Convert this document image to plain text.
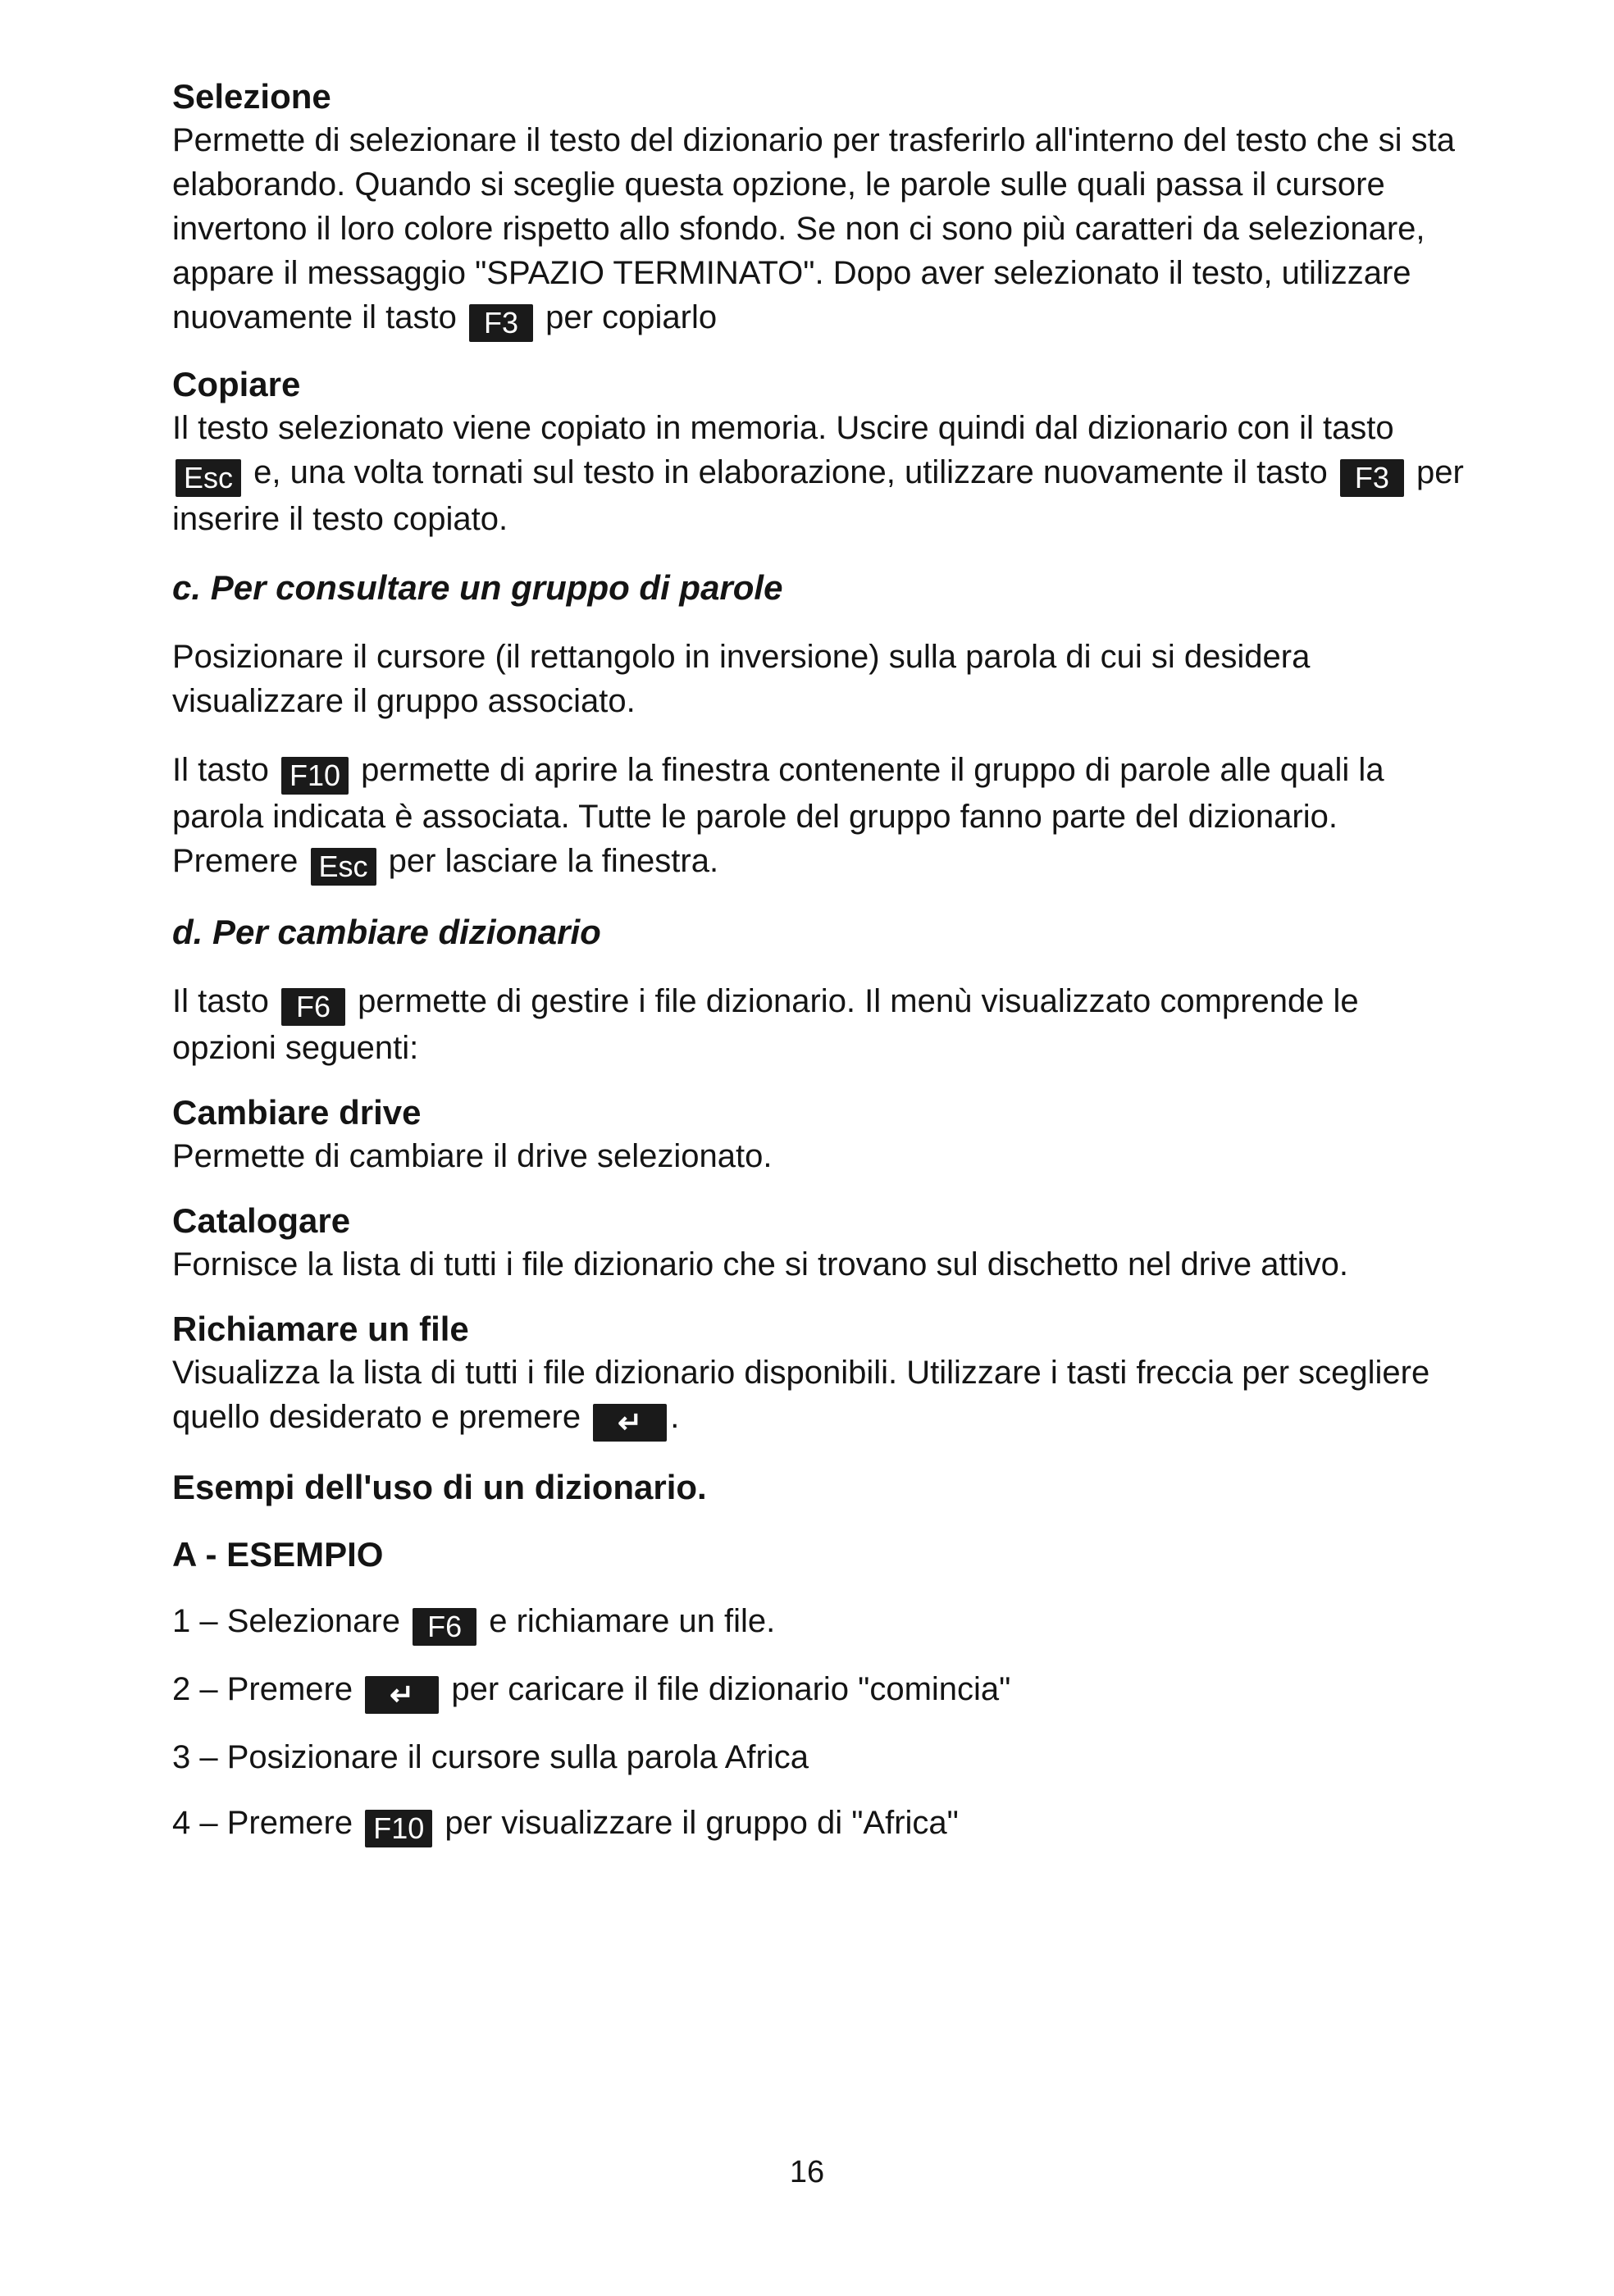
Selezione

Permette di selezionare il testo del dizionario per trasferirlo all'interno del testo che si sta elaborando. Quando si sceglie questa opzione, le parole sulle quali passa il cursore invertono il loro colore rispetto allo sfondo. Se non ci sono più caratteri da selezionare, appare il messaggio "SPAZIO TERMINATO". Dopo aver selezionato il testo, utilizzare nuovamente il tasto F3 per copiarlo

Copiare

Il testo selezionato viene copiato in memoria. Uscire quindi dal dizionario con il tasto Esc e, una volta tornati sul testo in elaborazione, utilizzare nuovamente il tasto F3 per inserire il testo copiato.

c. Per consultare un gruppo di parole

Posizionare il cursore (il rettangolo in inversione) sulla parola di cui si desidera visualizzare il gruppo associato.

Il tasto F10 permette di aprire la finestra contenente il gruppo di parole alle quali la parola indicata è associata. Tutte le parole del gruppo fanno parte del dizionario. Premere Esc per lasciare la finestra.

d. Per cambiare dizionario

Il tasto F6 permette di gestire i file dizionario. Il menù visualizzato comprende le opzioni seguenti:

Cambiare drive

Permette di cambiare il drive selezionato.

Catalogare

Fornisce la lista di tutti i file dizionario che si trovano sul dischetto nel drive attivo.

Richiamare un file

Visualizza la lista di tutti i file dizionario disponibili. Utilizzare i tasti freccia per scegliere quello desiderato e premere ↵ .

Esempi dell'uso di un dizionario.

A - ESEMPIO

1 – Selezionare F6 e richiamare un file.

2 – Premere ↵ per caricare il file dizionario "comincia"

3 – Posizionare il cursore sulla parola Africa

4 – Premere F10 per visualizzare il gruppo di "Africa"

16
